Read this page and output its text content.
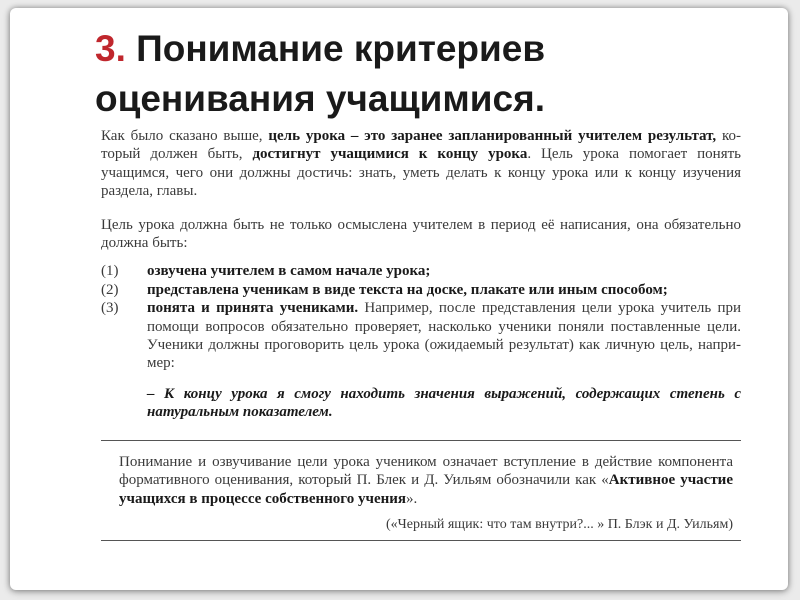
3. Понимание критериев оценивания учащимися.

Как было сказано выше, цель урока – это заранее запланированный учителем результат, ко-торый должен быть, достигнут учащимися к концу урока. Цель урока помогает понять учащимся, чего они должны достичь: знать, уметь делать к концу урока или к концу изучения раздела, главы.

Цель урока должна быть не только осмыслена учителем в период её написания, она обязательно должна быть:

(1)	озвучена учителем в самом начале урока;
(2)	представлена ученикам в виде текста на доске, плакате или иным способом;
(3)	понята и принята учениками. Например, после представления цели урока учитель при помощи вопросов обязательно проверяет, насколько ученики поняли поставленные цели. Ученики должны проговорить цель урока (ожидаемый результат) как личную цель, напри-мер:

– К концу урока я смогу находить значения выражений, содержащих степень с натуральным показателем.

Понимание и озвучивание цели урока учеником означает вступление в действие компонента формативного оценивания, который П. Блек и Д. Уильям обозначили как «Активное участие учащихся в процессе собственного учения».

(«Черный ящик: что там внутри?... » П. Блэк и Д. Уильям)
